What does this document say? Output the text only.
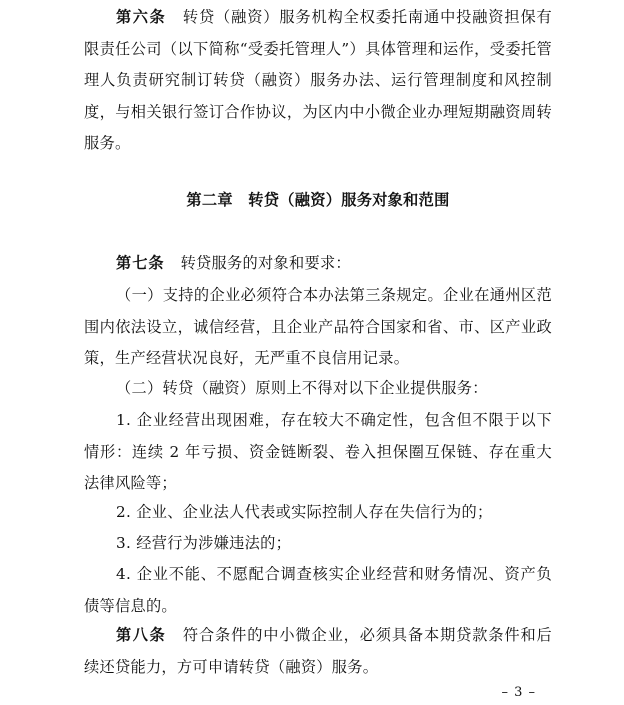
第六条 转贷（融资）服务机构全权委托南通中投融资担保有限责任公司（以下简称“受委托管理人”）具体管理和运作，受委托管理人负责研究制订转贷（融资）服务办法、运行管理制度和风控制度，与相关银行签订合作协议，为区内中小微企业办理短期融资周转服务。

第二章　转贷（融资）服务对象和范围

第七条 转贷服务的对象和要求：

（一）支持的企业必须符合本办法第三条规定。企业在通州区范围内依法设立，诚信经营，且企业产品符合国家和省、市、区产业政策，生产经营状况良好，无严重不良信用记录。

（二）转贷（融资）原则上不得对以下企业提供服务：

1. 企业经营出现困难，存在较大不确定性，包含但不限于以下情形：连续 2 年亏损、资金链断裂、卷入担保圈互保链、存在重大法律风险等；

2. 企业、企业法人代表或实际控制人存在失信行为的；

3. 经营行为涉嫌违法的；

4. 企业不能、不愿配合调查核实企业经营和财务情况、资产负债等信息的。

第八条 符合条件的中小微企业，必须具备本期贷款条件和后续还贷能力，方可申请转贷（融资）服务。

– 3 –
